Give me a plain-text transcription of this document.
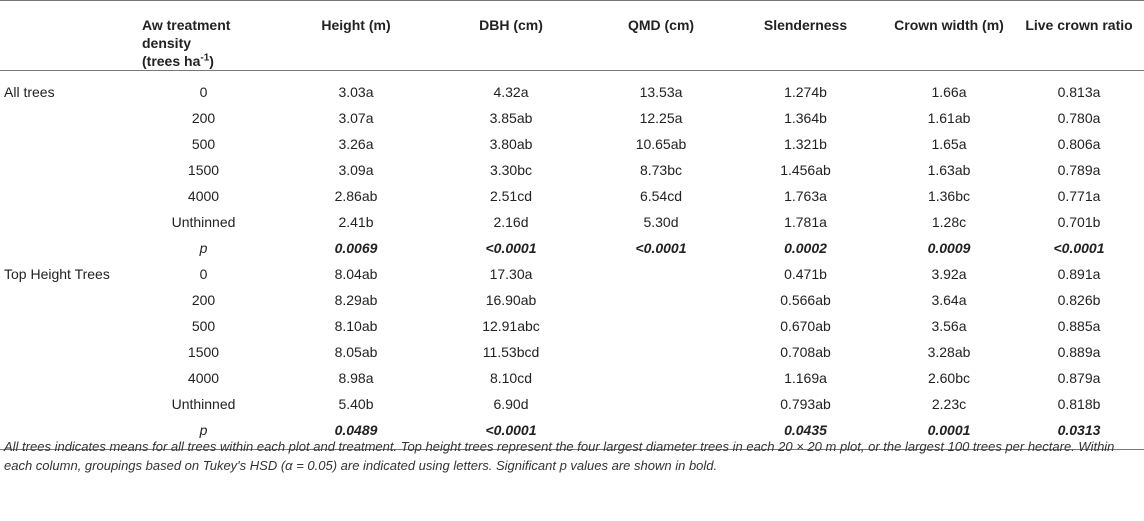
	Aw treatment
density
(trees $ha^{-1}$)	Height (m)	DBH (cm)	QMD (cm)	Slenderness	Crown width (m)	Live crown ratio
All trees	0	3.03a	4.32a	13.53a	1.274b	1.66a	0.813a
	200	3.07a	3.85ab	12.25a	1.364b	1.61ab	0.780a
	500	3.26a	3.80ab	10.65ab	1.321b	1.65a	0.806a
	1500	3.09a	3.30bc	8.73bc	1.456ab	1.63ab	0.789a
	4000	2.86ab	2.51cd	6.54cd	1.763a	1.36bc	0.771a
	Unthinned	2.41b	2.16d	5.30d	1.781a	1.28c	0.701b
	p	0.0069	<0.0001	<0.0001	0.0002	0.0009	<0.0001
Top Height Trees	0	8.04ab	17.30a		0.471b	3.92a	0.891a
	200	8.29ab	16.90ab		0.566ab	3.64a	0.826b
	500	8.10ab	12.91abc		0.670ab	3.56a	0.885a
	1500	8.05ab	11.53bcd		0.708ab	3.28ab	0.889a
	4000	8.98a	8.10cd		1.169a	2.60bc	0.879a
	Unthinned	5.40b	6.90d		0.793ab	2.23c	0.818b
	p	0.0489	<0.0001		0.0435	0.0001	0.0313

All trees indicates means for all trees within each plot and treatment. Top height trees represent the four largest diameter trees in each 20 × 20 m plot, or the largest 100 trees per hectare. Within each column, groupings based on Tukey's HSD (α = 0.05) are indicated using letters. Significant p values are shown in bold.
